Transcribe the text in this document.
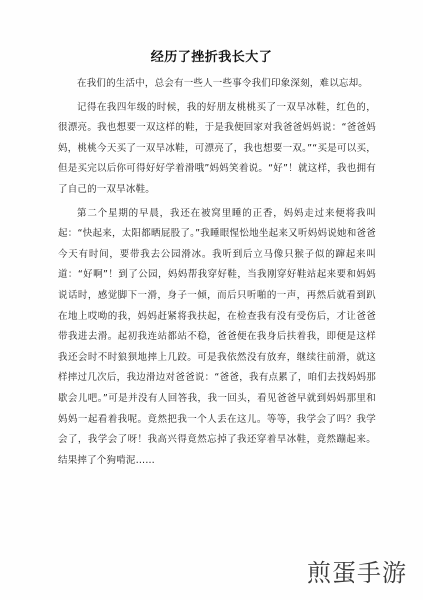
经历了挫折我长大了

在我们的生活中，总会有一些人一些事令我们印象深刻，难以忘却。

记得在我四年级的时候，我的好朋友桃桃买了一双旱冰鞋，红色的，很漂亮。我也想要一双这样的鞋，于是我便回家对我爸爸妈妈说：“爸爸妈妈，桃桃今天买了一双旱冰鞋，可漂亮了，我也想要一双。”“买是可以买，但是买完以后你可得好好学着滑哦”妈妈笑着说。“好”！就这样，我也拥有了自己的一双旱冰鞋。

第二个星期的早晨，我还在被窝里睡的正香，妈妈走过来便将我叫起：“快起来，太阳都晒屁股了。”我睡眼惺忪地坐起来又听妈妈说她和爸爸今天有时间，要带我去公园滑冰。我听到后立马像只猴子似的蹿起来叫道：“好啊”！到了公园，妈妈帮我穿好鞋，当我刚穿好鞋站起来要和妈妈说话时，感觉脚下一滑，身子一倾，而后只听啪的一声，再然后就看到趴在地上哎呦的我，妈妈赶紧将我扶起，在检查我有没有受伤后，才让爸爸带我进去滑。起初我连站都站不稳，爸爸便在我身后扶着我，即便是这样我还会时不时狼狈地摔上几跤。可是我依然没有放弃，继续往前滑，就这样摔过几次后，我边滑边对爸爸说：“爸爸，我有点累了，咱们去找妈妈那歇会儿吧。”可是并没有人回答我，我一回头，看见爸爸早就到妈妈那里和妈妈一起看着我呢。竟然把我一个人丢在这儿。等等，我学会了吗？我学会了，我学会了呀！我高兴得竟然忘掉了我还穿着旱冰鞋，竟然蹦起来。结果摔了个狗啃泥……

煎蛋手游
